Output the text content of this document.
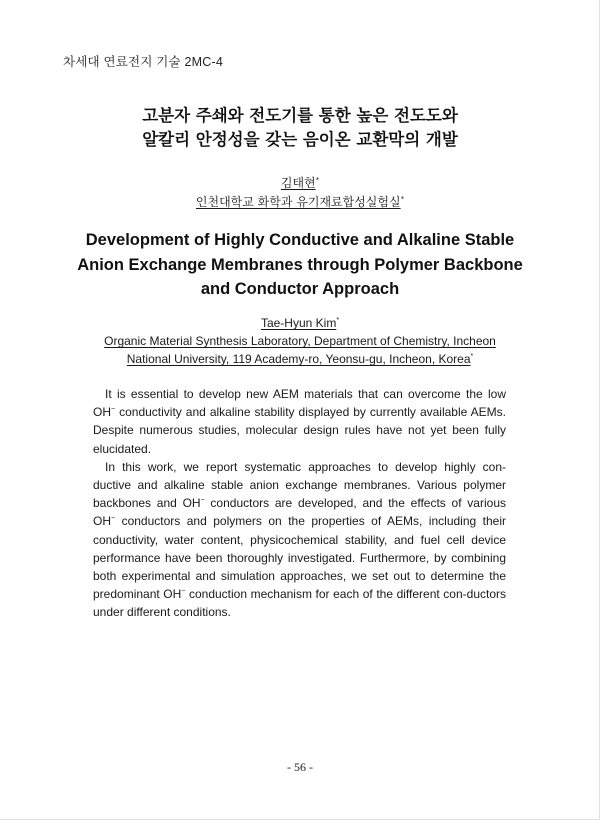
차세대 연료전지 기술 2MC-4
고분자 주쇄와 전도기를 통한 높은 전도도와
알칼리 안정성을 갖는 음이온 교환막의 개발
김태현*
인천대학교 화학과 유기재료합성실험실*
Development of Highly Conductive and Alkaline Stable
Anion Exchange Membranes through Polymer Backbone
and Conductor Approach
Tae-Hyun Kim*
Organic Material Synthesis Laboratory, Department of Chemistry, Incheon
National University, 119 Academy-ro, Yeonsu-gu, Incheon, Korea*

It is essential to develop new AEM materials that can overcome the low OH− conductivity and alkaline stability displayed by currently available AEMs. Despite numerous studies, molecular design rules have not yet been fully elucidated.

In this work, we report systematic approaches to develop highly con-ductive and alkaline stable anion exchange membranes. Various polymer backbones and OH− conductors are developed, and the effects of various OH− conductors and polymers on the properties of AEMs, including their conductivity, water content, physicochemical stability, and fuel cell device performance have been thoroughly investigated. Furthermore, by combining both experimental and simulation approaches, we set out to determine the predominant OH− conduction mechanism for each of the different con-ductors under different conditions.

- 56 -
